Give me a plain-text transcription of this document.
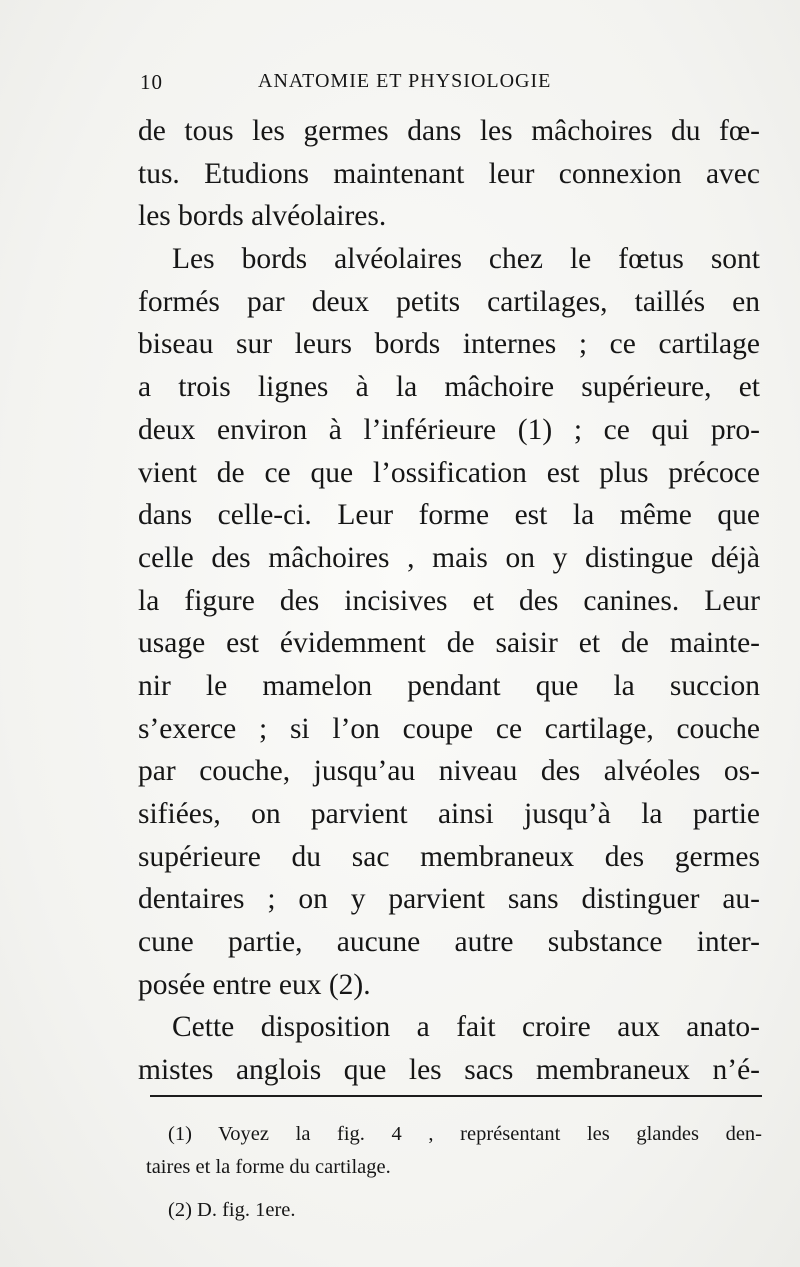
10	ANATOMIE ET PHYSIOLOGIE
de tous les germes dans les mâchoires du fœ-
tus. Etudions maintenant leur connexion avec
les bords alvéolaires.
Les bords alvéolaires chez le fœtus sont
formés par deux petits cartilages, taillés en
biseau sur leurs bords internes ; ce cartilage
a trois lignes à la mâchoire supérieure, et
deux environ à l’inférieure (1) ; ce qui pro-
vient de ce que l’ossification est plus précoce
dans celle-ci. Leur forme est la même que
celle des mâchoires , mais on y distingue déjà
la figure des incisives et des canines. Leur
usage est évidemment de saisir et de mainte-
nir le mamelon pendant que la succion
s’exerce ; si l’on coupe ce cartilage, couche
par couche, jusqu’au niveau des alvéoles os-
sifiées, on parvient ainsi jusqu’à la partie
supérieure du sac membraneux des germes
dentaires ; on y parvient sans distinguer au-
cune partie, aucune autre substance inter-
posée entre eux (2).
Cette disposition a fait croire aux anato-
mistes anglois que les sacs membraneux n’é-
(1) Voyez la fig. 4 , représentant les glandes den-
taires et la forme du cartilage.
(2) D. fig. 1ere.
